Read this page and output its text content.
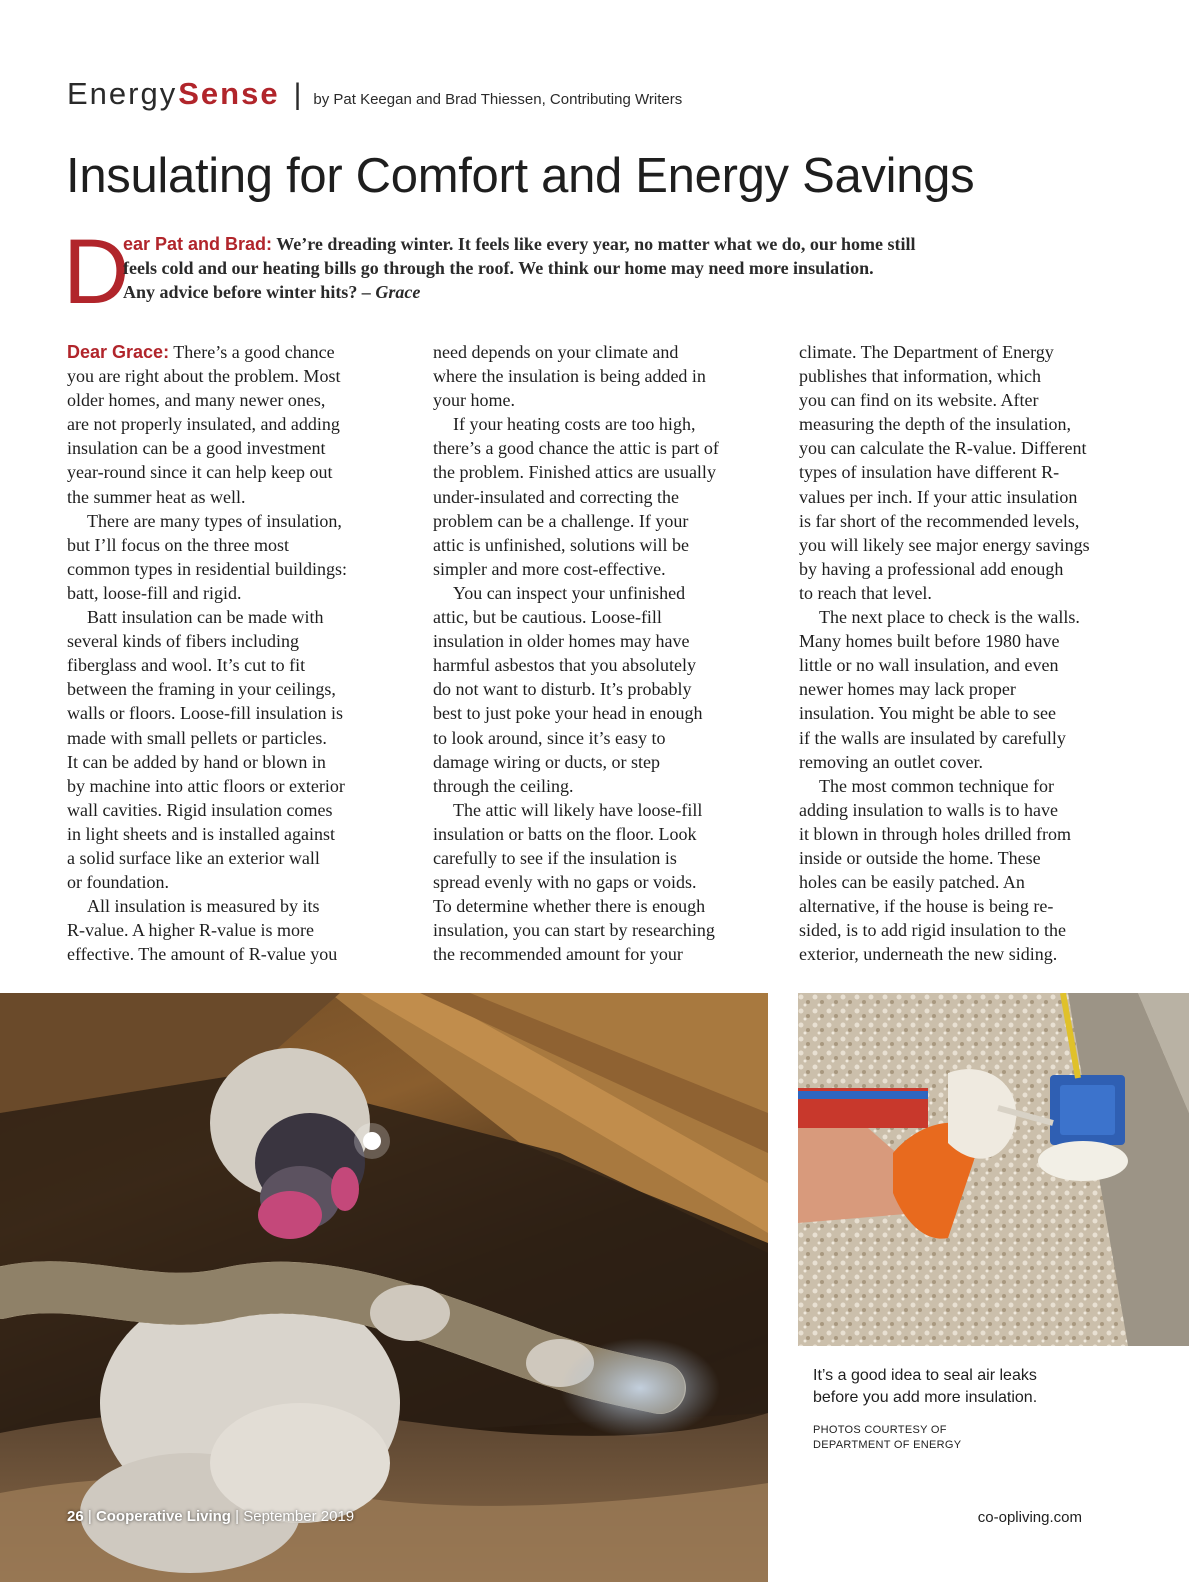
Energy Sense | by Pat Keegan and Brad Thiessen, Contributing Writers
Insulating for Comfort and Energy Savings
D
ear Pat and Brad: We’re dreading winter. It feels like every year, no matter what we do, our home still
feels cold and our heating bills go through the roof. We think our home may need more insulation.
Any advice before winter hits? – Grace

Dear Grace: There’s a good chance
you are right about the problem. Most
older homes, and many newer ones,
are not properly insulated, and adding
insulation can be a good investment
year-round since it can help keep out
the summer heat as well.

There are many types of insulation,
but I’ll focus on the three most
common types in residential buildings:
batt, loose-fill and rigid.

Batt insulation can be made with
several kinds of fibers including
fiberglass and wool. It’s cut to fit
between the framing in your ceilings,
walls or floors. Loose-fill insulation is
made with small pellets or particles.
It can be added by hand or blown in
by machine into attic floors or exterior
wall cavities. Rigid insulation comes
in light sheets and is installed against
a solid surface like an exterior wall
or foundation.

All insulation is measured by its
R-value. A higher R-value is more
effective. The amount of R-value you

need depends on your climate and
where the insulation is being added in
your home.

If your heating costs are too high,
there’s a good chance the attic is part of
the problem. Finished attics are usually
under-insulated and correcting the
problem can be a challenge. If your
attic is unfinished, solutions will be
simpler and more cost-effective.

You can inspect your unfinished
attic, but be cautious. Loose-fill
insulation in older homes may have
harmful asbestos that you absolutely
do not want to disturb. It’s probably
best to just poke your head in enough
to look around, since it’s easy to
damage wiring or ducts, or step
through the ceiling.

The attic will likely have loose-fill
insulation or batts on the floor. Look
carefully to see if the insulation is
spread evenly with no gaps or voids.
To determine whether there is enough
insulation, you can start by researching
the recommended amount for your

climate. The Department of Energy
publishes that information, which
you can find on its website. After
measuring the depth of the insulation,
you can calculate the R-value. Different
types of insulation have different R-
values per inch. If your attic insulation
is far short of the recommended levels,
you will likely see major energy savings
by having a professional add enough
to reach that level.

The next place to check is the walls.
Many homes built before 1980 have
little or no wall insulation, and even
newer homes may lack proper
insulation. You might be able to see
if the walls are insulated by carefully
removing an outlet cover.

The most common technique for
adding insulation to walls is to have
it blown in through holes drilled from
inside or outside the home. These
holes can be easily patched. An
alternative, if the house is being re-
sided, is to add rigid insulation to the
exterior, underneath the new siding.

26 | Cooperative Living | September 2019
It’s a good idea to seal air leaks
before you add more insulation.
PHOTOS COURTESY OF
DEPARTMENT OF ENERGY
co-opliving.com
